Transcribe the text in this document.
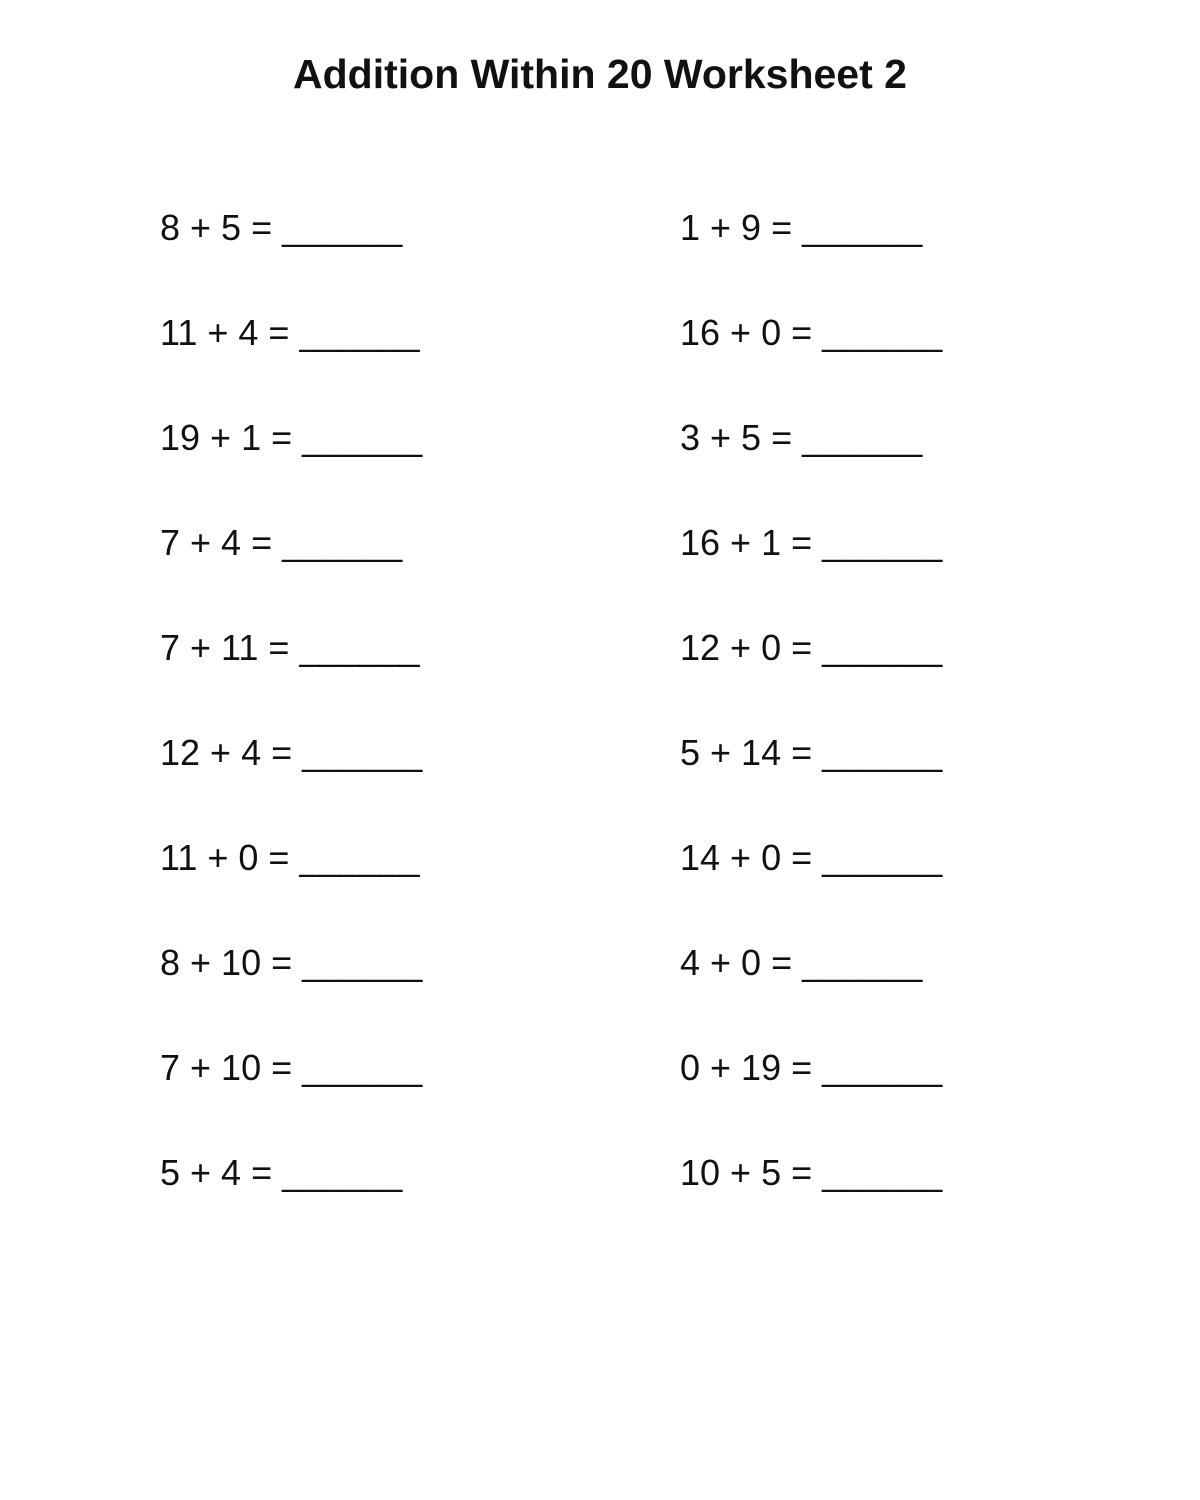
Addition Within 20 Worksheet 2
8 + 5 = ______	1 + 9 = ______
11 + 4 = ______	16 + 0 = ______
19 + 1 = ______	3 + 5 = ______
7 + 4 = ______	16 + 1 = ______
7 + 11 = ______	12 + 0 = ______
12 + 4 = ______	5 + 14 = ______
11 + 0 = ______	14 + 0 = ______
8 + 10 = ______	4 + 0 = ______
7 + 10 = ______	0 + 19 = ______
5 + 4 = ______	10 + 5 = ______
